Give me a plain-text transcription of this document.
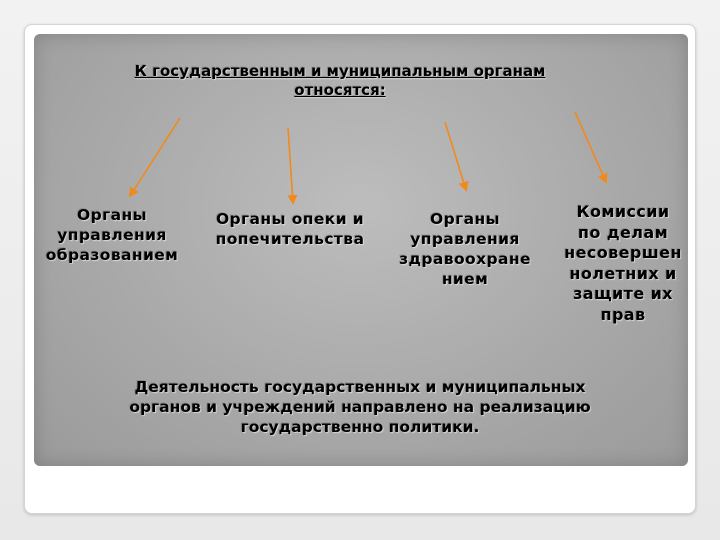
К государственным и муниципальным органам
относятся:
Органы
управления
образованием
Органы опеки и
попечительства
Органы
управления
здравоохране
нием
Комиссии
по делам
несовершен
нолетних и
защите их
прав
Деятельность государственных и муниципальных
органов и учреждений направлено на реализацию
государственно политики.
